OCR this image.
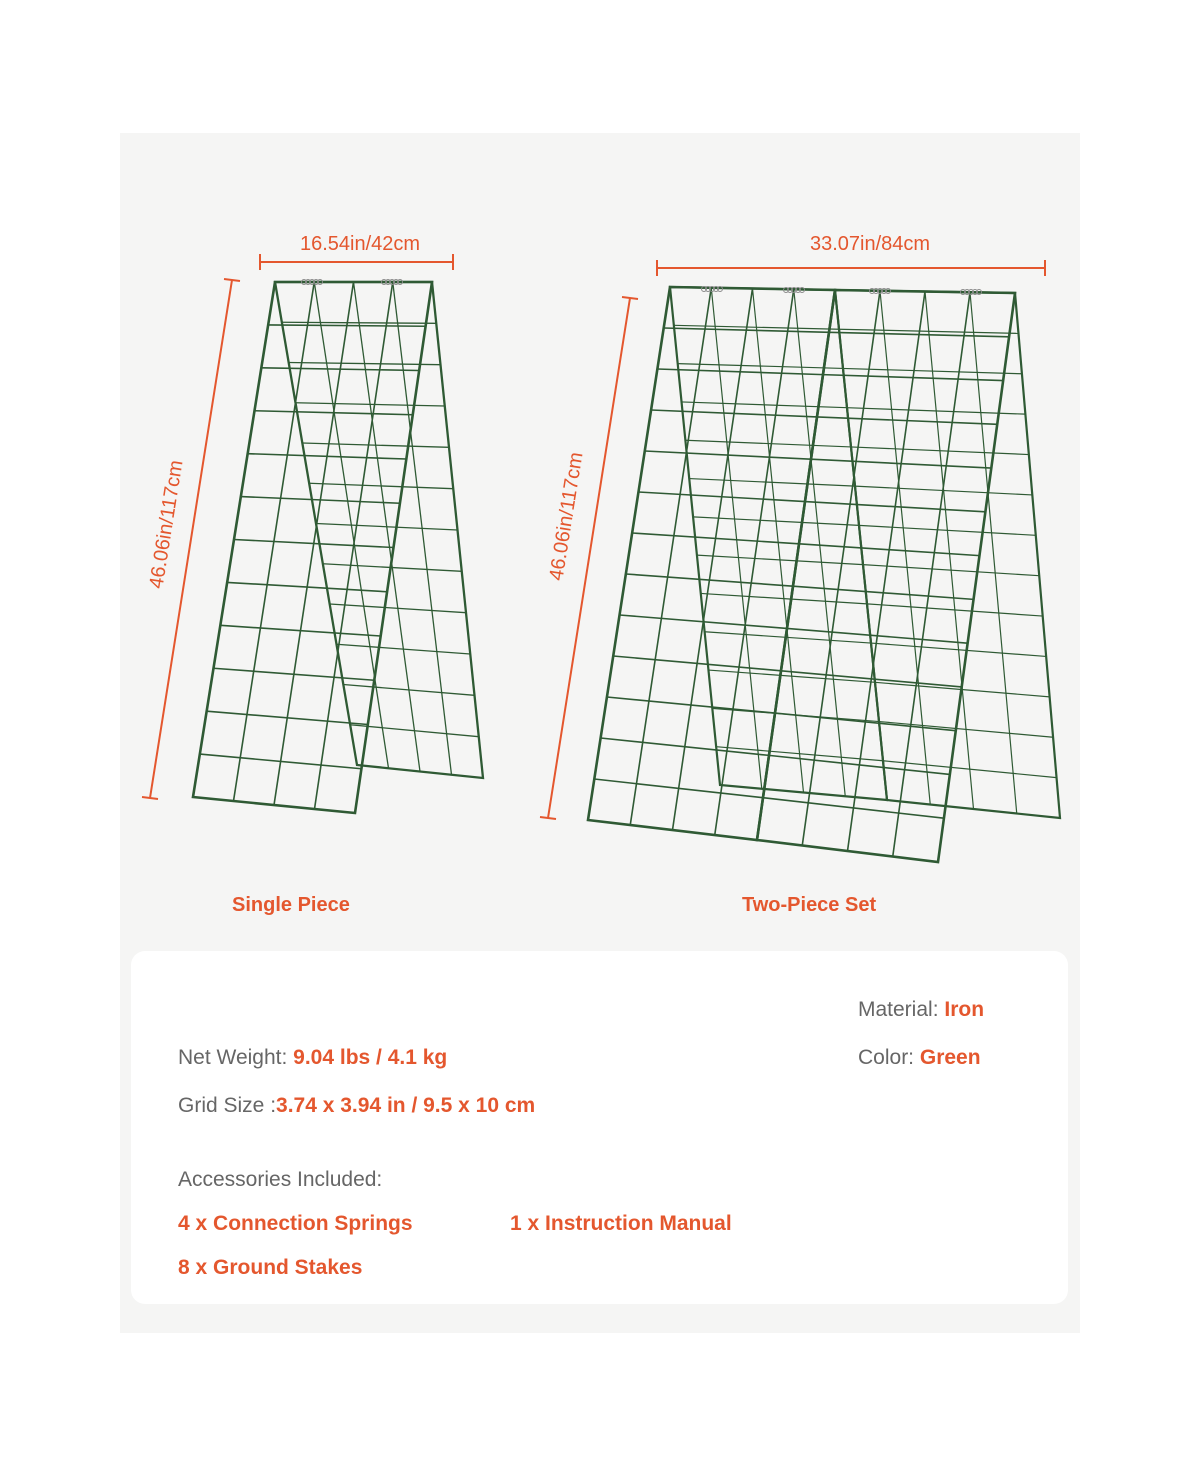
16.54in/42cm
46.06in/117cm
33.07in/84cm
46.06in/117cm
Single Piece	Two-Piece Set
Material: Iron
Color: Green
Net Weight: 9.04 lbs / 4.1 kg
Grid Size :3.74 x 3.94 in / 9.5 x 10 cm
Accessories Included:
4 x Connection Springs	1 x Instruction Manual
8 x Ground Stakes
